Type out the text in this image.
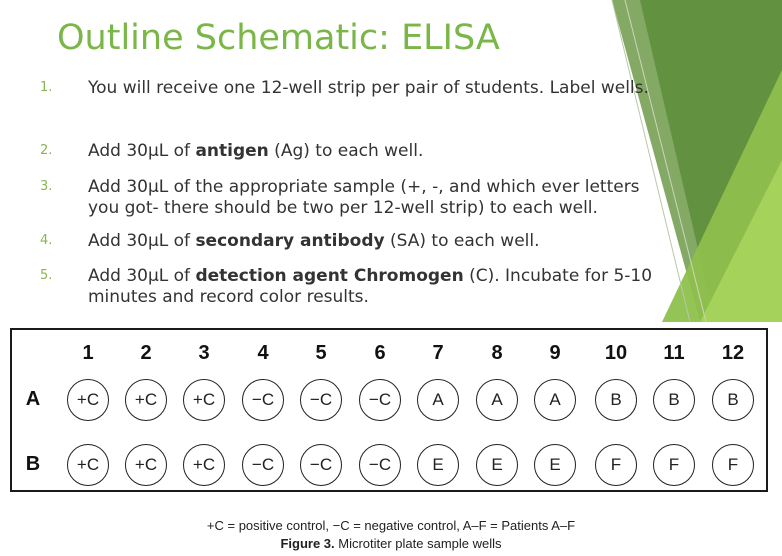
Outline Schematic: ELISA
1. You will receive one 12-well strip per pair of students. Label wells.
2. Add 30µL of antigen (Ag) to each well.
3. Add 30µL of the appropriate sample (+, -, and which ever letters you got- there should be two per 12-well strip) to each well.
4. Add 30µL of secondary antibody (SA) to each well.
5. Add 30µL of detection agent Chromogen (C). Incubate for 5-10 minutes and record color results.
1	2	3	4	5	6	7	8	9	10	11	12
A	+C	+C	+C	−C	−C	−C	A	A	A	B	B	B
B	+C	+C	+C	−C	−C	−C	E	E	E	F	F	F
+C = positive control, −C = negative control, A–F = Patients A–F
Figure 3. Microtiter plate sample wells
